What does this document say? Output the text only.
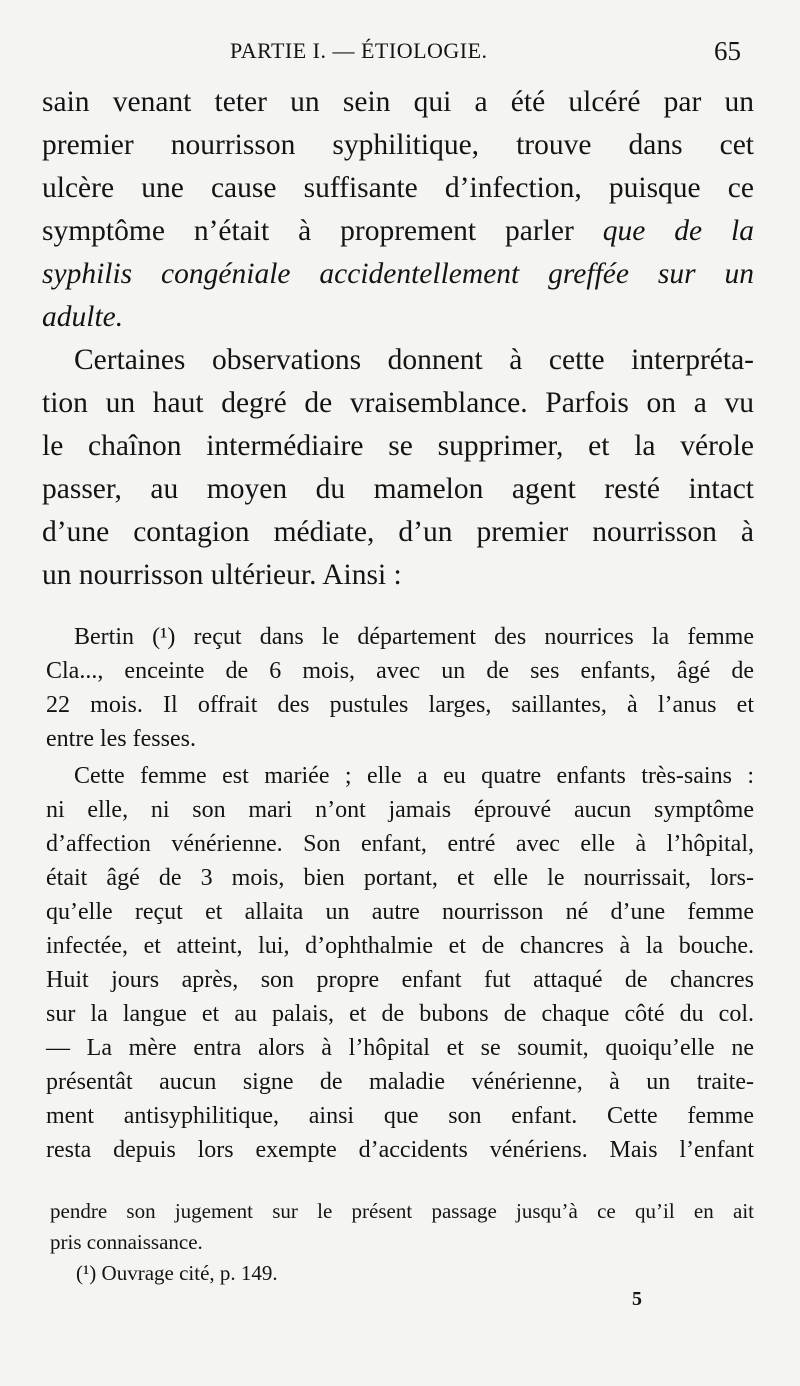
PARTIE I. — ÉTIOLOGIE.	65
sain venant teter un sein qui a été ulcéré par un
premier nourrisson syphilitique, trouve dans cet
ulcère une cause suffisante d’infection, puisque ce
symptôme n’était à proprement parler que de la
syphilis congéniale accidentellement greffée sur un
adulte.
Certaines observations donnent à cette interpréta-
tion un haut degré de vraisemblance. Parfois on a vu
le chaînon intermédiaire se supprimer, et la vérole
passer, au moyen du mamelon agent resté intact
d’une contagion médiate, d’un premier nourrisson à
un nourrisson ultérieur. Ainsi :
Bertin (¹) reçut dans le département des nourrices la femme
Cla..., enceinte de 6 mois, avec un de ses enfants, âgé de
22 mois. Il offrait des pustules larges, saillantes, à l’anus et
entre les fesses.
Cette femme est mariée ; elle a eu quatre enfants très-sains :
ni elle, ni son mari n’ont jamais éprouvé aucun symptôme
d’affection vénérienne. Son enfant, entré avec elle à l’hôpital,
était âgé de 3 mois, bien portant, et elle le nourrissait, lors-
qu’elle reçut et allaita un autre nourrisson né d’une femme
infectée, et atteint, lui, d’ophthalmie et de chancres à la bouche.
Huit jours après, son propre enfant fut attaqué de chancres
sur la langue et au palais, et de bubons de chaque côté du col.
— La mère entra alors à l’hôpital et se soumit, quoiqu’elle ne
présentât aucun signe de maladie vénérienne, à un traite-
ment antisyphilitique, ainsi que son enfant. Cette femme
resta depuis lors exempte d’accidents vénériens. Mais l’enfant
pendre son jugement sur le présent passage jusqu’à ce qu’il en ait
pris connaissance.
(¹) Ouvrage cité, p. 149.
5
